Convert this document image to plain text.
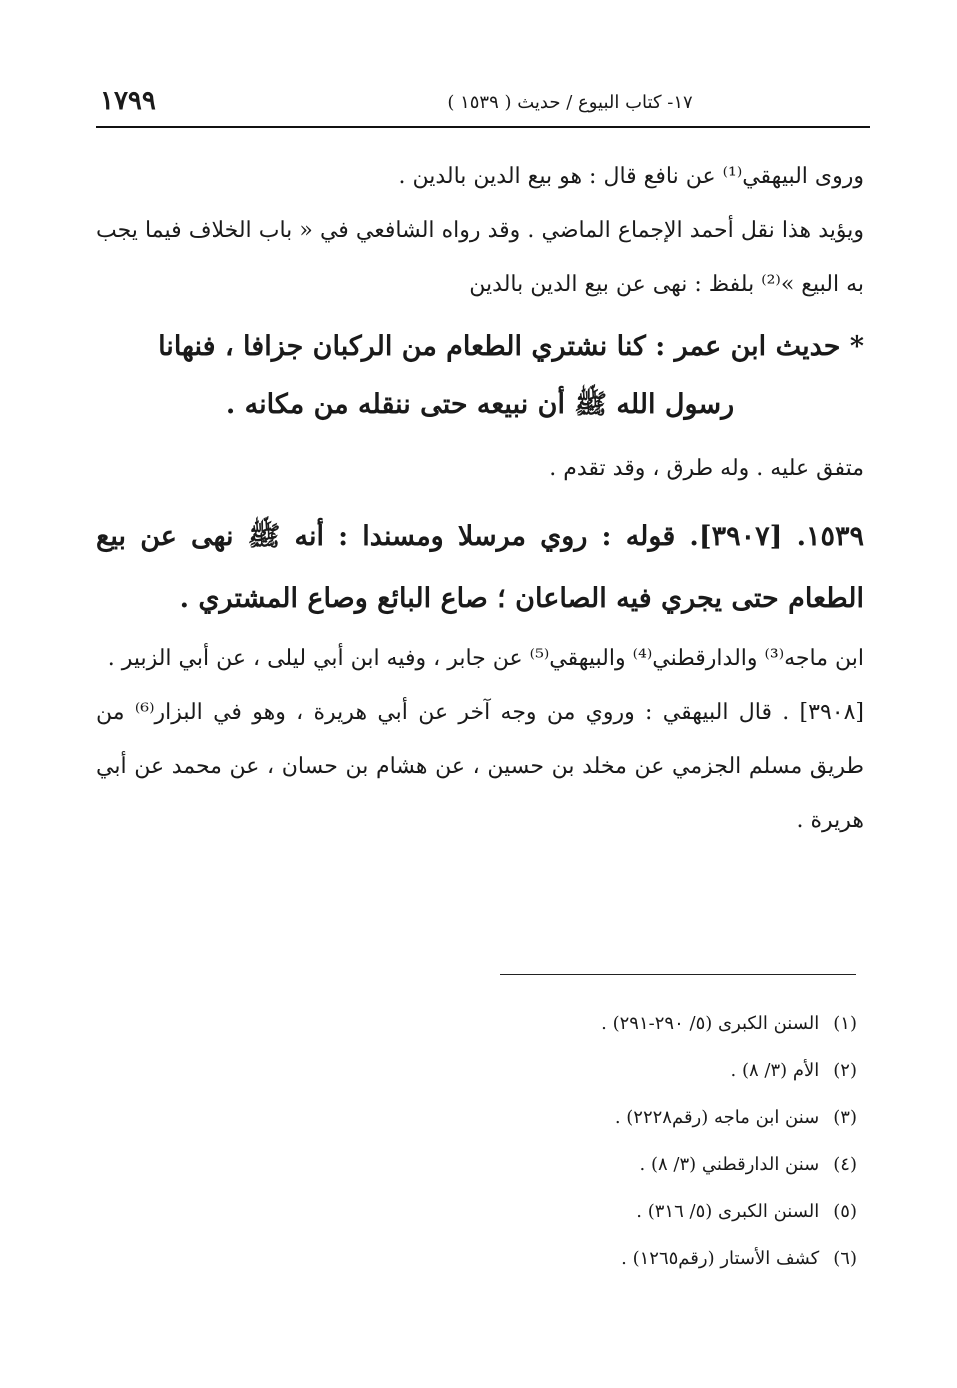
١٧٩٩	١٧- كتاب البيوع / حديث ( ١٥٣٩ )

وروى البيهقي⁽¹⁾ عن نافع قال : هو بيع الدين بالدين .

ويؤيد هذا نقل أحمد الإجماع الماضي . وقد رواه الشافعي في « باب الخلاف فيما يجب به البيع »⁽²⁾ بلفظ : نهى عن بيع الدين بالدين

* حديث ابن عمر : كنا نشتري الطعام من الركبان جزافا ، فنهانا
رسول الله ﷺ أن نبيعه حتى ننقله من مكانه .

متفق عليه . وله طرق ، وقد تقدم .

١٥٣٩. [٣٩٠٧]. قوله : روي مرسلا ومسندا : أنه ﷺ نهى عن بيع الطعام حتى يجري فيه الصاعان ؛ صاع البائع وصاع المشتري .

ابن ماجه⁽³⁾ والدارقطني⁽⁴⁾ والبيهقي⁽⁵⁾ عن جابر ، وفيه ابن أبي ليلى ، عن أبي الزبير .

[٣٩٠٨] . قال البيهقي : وروي من وجه آخر عن أبي هريرة ، وهو في البزار⁽⁶⁾ من طريق مسلم الجزمي عن مخلد بن حسين ، عن هشام بن حسان ، عن محمد عن أبي هريرة .

(١) السنن الكبرى (٥/ ٢٩٠-٢٩١) .
(٢) الأم (٣/ ٨) .
(٣) سنن ابن ماجه (رقم٢٢٢٨) .
(٤) سنن الدارقطني (٣/ ٨) .
(٥) السنن الكبرى (٥/ ٣١٦) .
(٦) كشف الأستار (رقم١٢٦٥) .
